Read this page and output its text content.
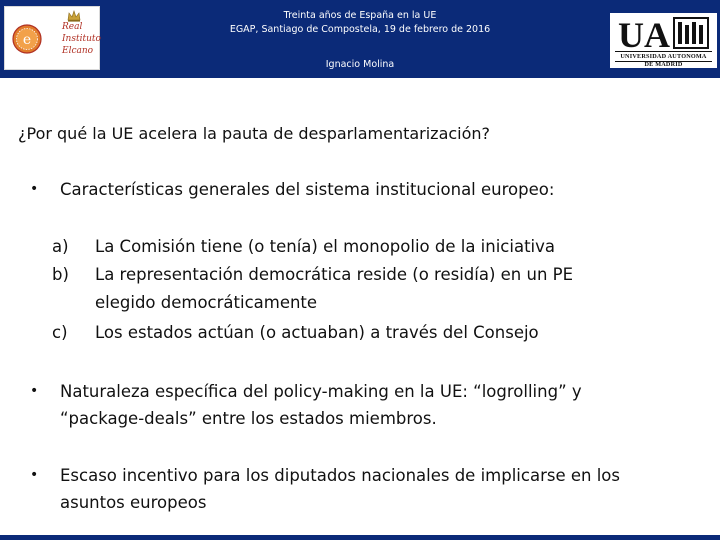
e
Real
Instituto
Elcano
Treinta años de España en la UE
EGAP, Santiago de Compostela, 19 de febrero de 2016
Ignacio Molina
UA
UNIVERSIDAD AUTONOMA
DE MADRID
¿Por qué la UE acelera la pauta de desparlamentarización?
• Características generales del sistema institucional europeo:
a) La Comisión tiene (o tenía) el monopolio de la iniciativa
b) La representación democrática reside (o residía) en un PE
elegido democráticamente
c) Los estados actúan (o actuaban) a través del Consejo
• Naturaleza específica del policy-making en la UE: “logrolling” y
“package-deals” entre los estados miembros.
• Escaso incentivo para los diputados nacionales de implicarse en los
asuntos europeos
